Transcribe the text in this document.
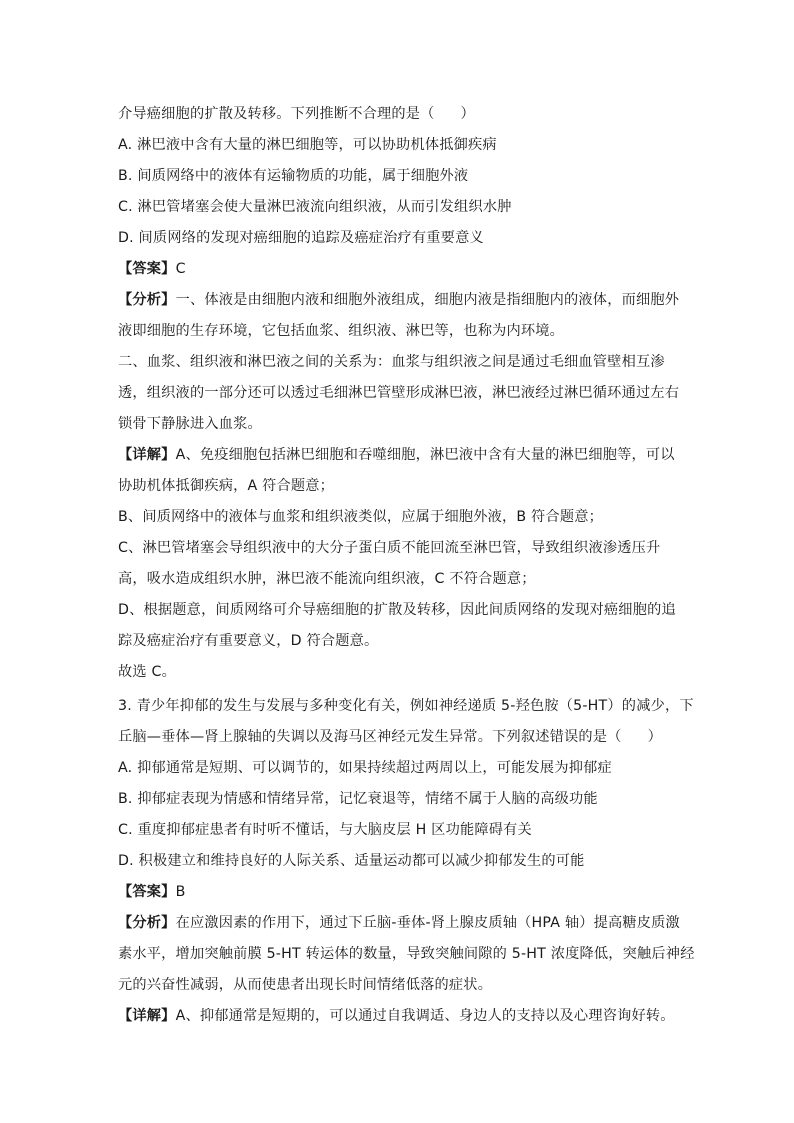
介导癌细胞的扩散及转移。下列推断不合理的是（ ）
A. 淋巴液中含有大量的淋巴细胞等，可以协助机体抵御疾病
B. 间质网络中的液体有运输物质的功能，属于细胞外液
C. 淋巴管堵塞会使大量淋巴液流向组织液，从而引发组织水肿
D. 间质网络的发现对癌细胞的追踪及癌症治疗有重要意义
【答案】C
【分析】一、体液是由细胞内液和细胞外液组成，细胞内液是指细胞内的液体，而细胞外
液即细胞的生存环境，它包括血浆、组织液、淋巴等，也称为内环境。
二、血浆、组织液和淋巴液之间的关系为：血浆与组织液之间是通过毛细血管壁相互渗
透，组织液的一部分还可以透过毛细淋巴管壁形成淋巴液，淋巴液经过淋巴循环通过左右
锁骨下静脉进入血浆。
【详解】A、免疫细胞包括淋巴细胞和吞噬细胞，淋巴液中含有大量的淋巴细胞等，可以
协助机体抵御疾病，A 符合题意；
B、间质网络中的液体与血浆和组织液类似，应属于细胞外液，B 符合题意；
C、淋巴管堵塞会导组织液中的大分子蛋白质不能回流至淋巴管，导致组织液渗透压升
高，吸水造成组织水肿，淋巴液不能流向组织液，C 不符合题意；
D、根据题意，间质网络可介导癌细胞的扩散及转移，因此间质网络的发现对癌细胞的追
踪及癌症治疗有重要意义，D 符合题意。
故选 C。
3. 青少年抑郁的发生与发展与多种变化有关，例如神经递质 5-羟色胺（5-HT）的减少，下
丘脑—垂体—肾上腺轴的失调以及海马区神经元发生异常。下列叙述错误的是（ ）
A. 抑郁通常是短期、可以调节的，如果持续超过两周以上，可能发展为抑郁症
B. 抑郁症表现为情感和情绪异常，记忆衰退等，情绪不属于人脑的高级功能
C. 重度抑郁症患者有时听不懂话，与大脑皮层 H 区功能障碍有关
D. 积极建立和维持良好的人际关系、适量运动都可以减少抑郁发生的可能
【答案】B
【分析】在应激因素的作用下，通过下丘脑-垂体-肾上腺皮质轴（HPA 轴）提高糖皮质激
素水平，增加突触前膜 5-HT 转运体的数量，导致突触间隙的 5-HT 浓度降低，突触后神经
元的兴奋性减弱，从而使患者出现长时间情绪低落的症状。
【详解】A、抑郁通常是短期的，可以通过自我调适、身边人的支持以及心理咨询好转。
